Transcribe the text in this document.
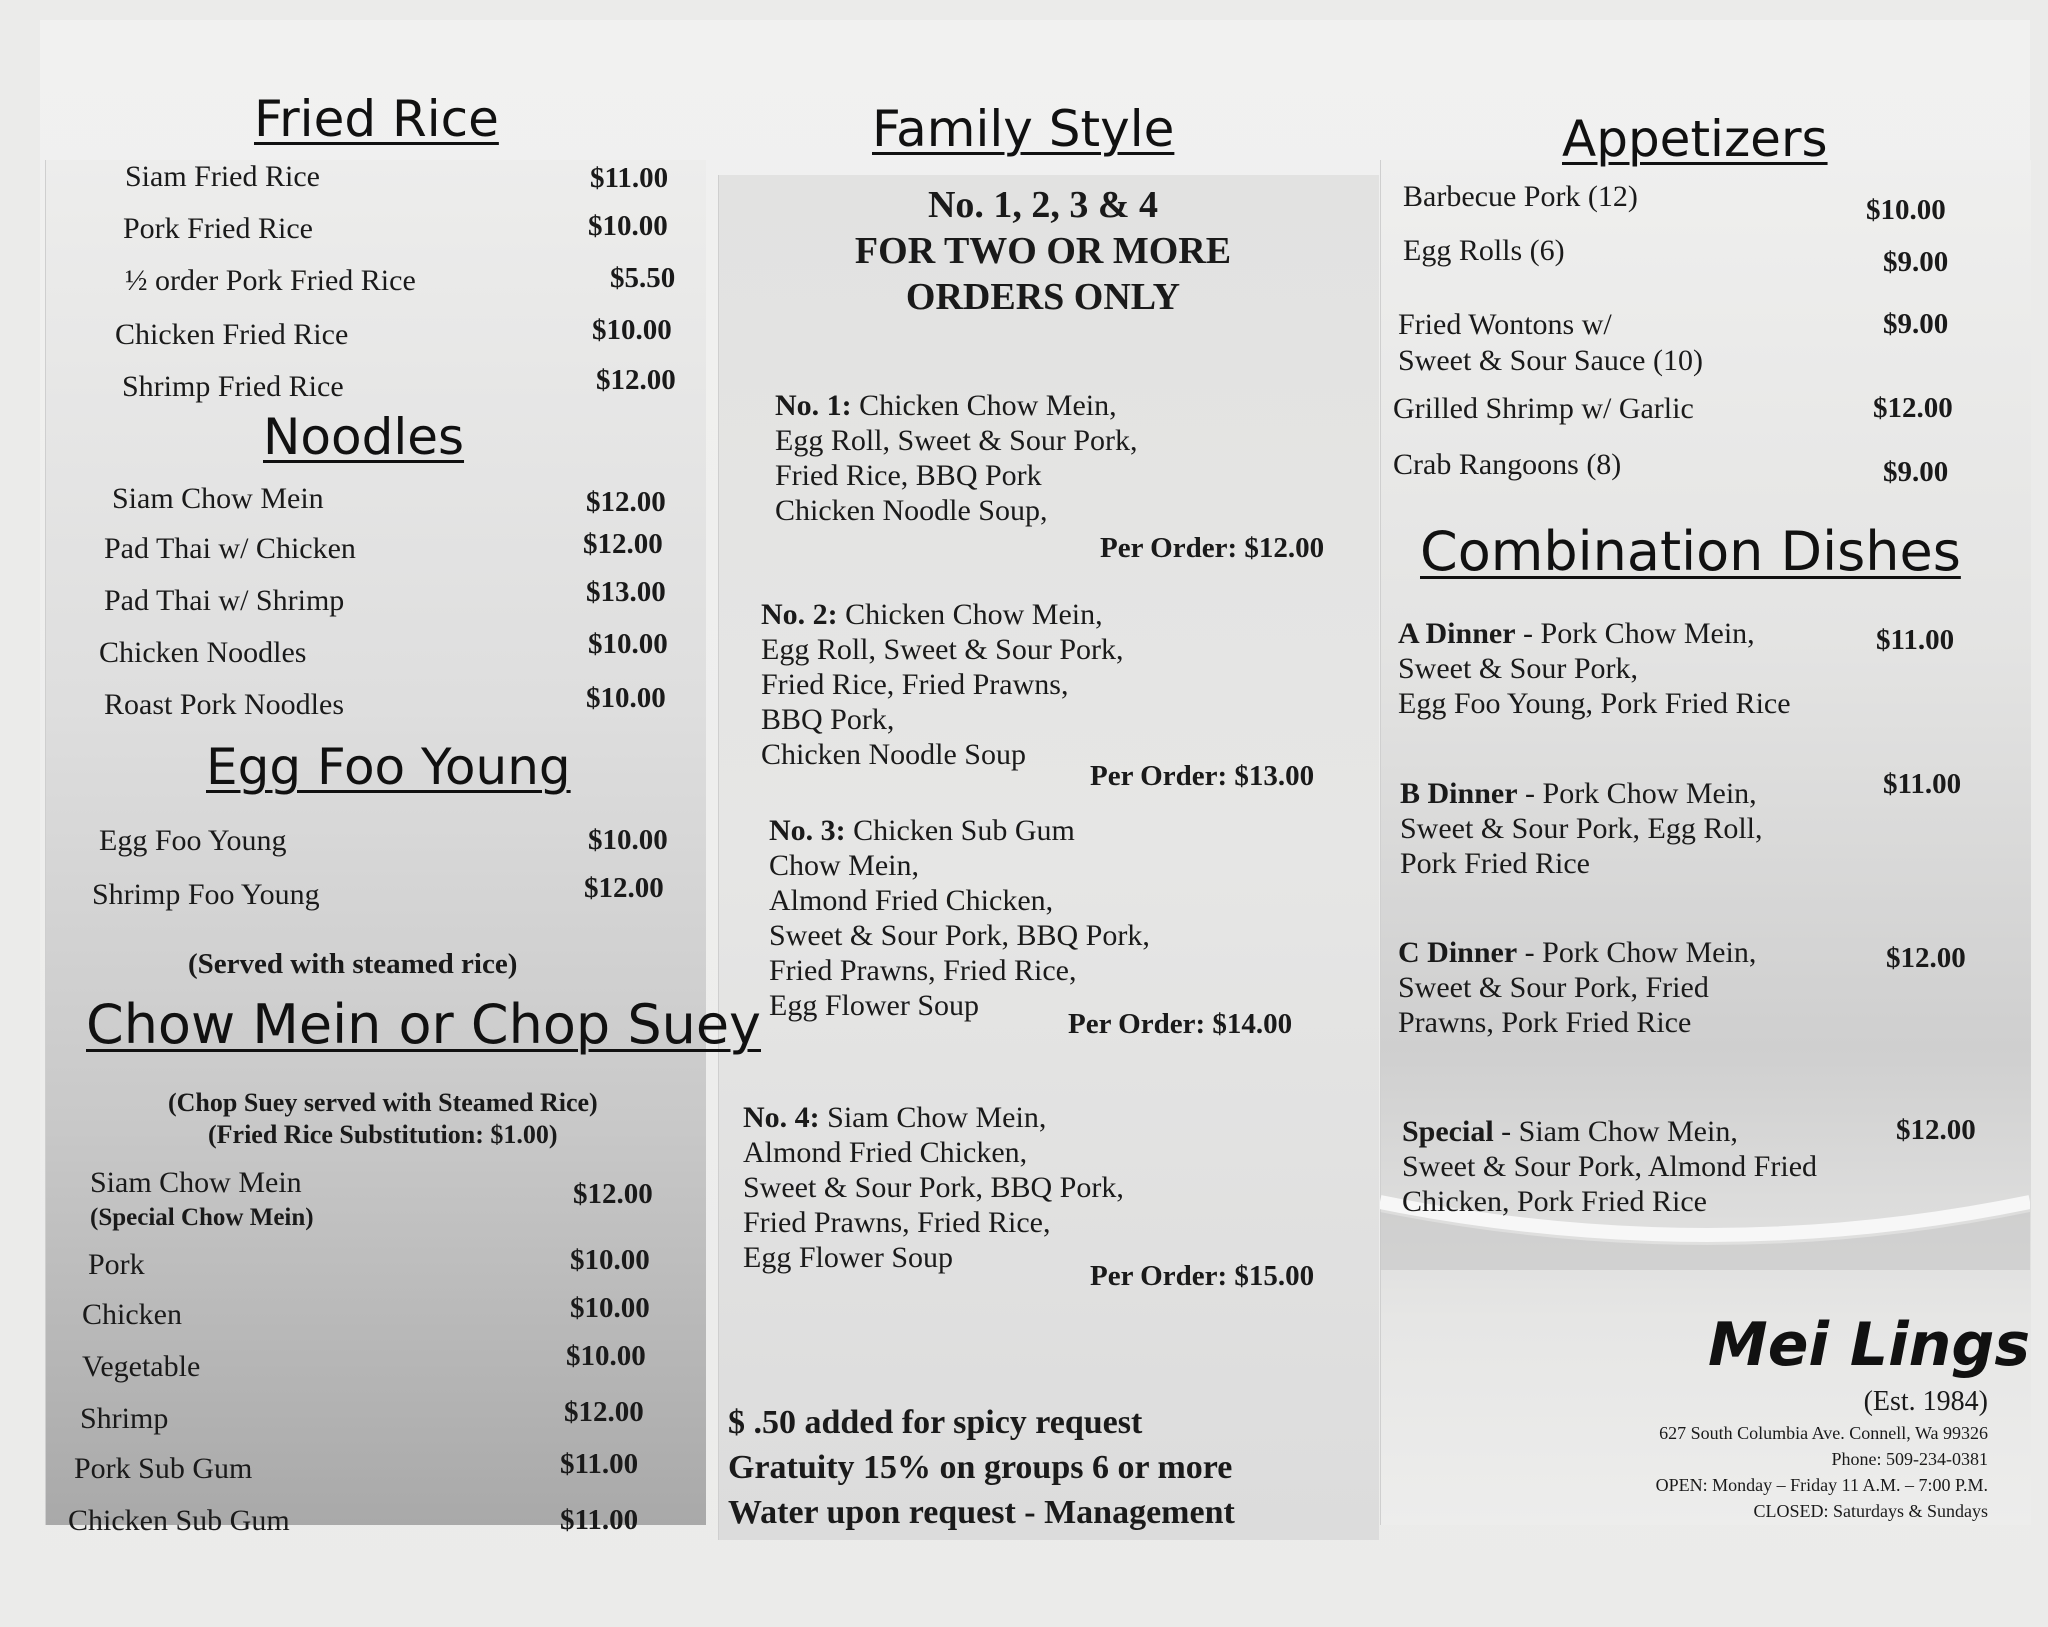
Fried Rice
Siam Fried Rice	$11.00
Pork Fried Rice	$10.00
½ order Pork Fried Rice	$5.50
Chicken Fried Rice	$10.00
Shrimp Fried Rice	$12.00
Noodles
Siam Chow Mein	$12.00
Pad Thai w/ Chicken	$12.00
Pad Thai w/ Shrimp	$13.00
Chicken Noodles	$10.00
Roast Pork Noodles	$10.00
Egg Foo Young
Egg Foo Young	$10.00
Shrimp Foo Young	$12.00
(Served with steamed rice)
Chow Mein or Chop Suey
(Chop Suey served with Steamed Rice)
(Fried Rice Substitution: $1.00)
Siam Chow Mein
(Special Chow Mein)
$12.00
Pork	$10.00
Chicken	$10.00
Vegetable	$10.00
Shrimp	$12.00
Pork Sub Gum	$11.00
Chicken Sub Gum	$11.00
Family Style
No. 1, 2, 3 & 4
FOR TWO OR MORE
ORDERS ONLY
No. 1: Chicken Chow Mein,
Egg Roll, Sweet & Sour Pork,
Fried Rice, BBQ Pork
Chicken Noodle Soup,
Per Order: $12.00
No. 2: Chicken Chow Mein,
Egg Roll, Sweet & Sour Pork,
Fried Rice, Fried Prawns,
BBQ Pork,
Chicken Noodle Soup
Per Order: $13.00
No. 3: Chicken Sub Gum
Chow Mein,
Almond Fried Chicken,
Sweet & Sour Pork, BBQ Pork,
Fried Prawns, Fried Rice,
Egg Flower Soup
Per Order: $14.00
No. 4: Siam Chow Mein,
Almond Fried Chicken,
Sweet & Sour Pork, BBQ Pork,
Fried Prawns, Fried Rice,
Egg Flower Soup
Per Order: $15.00
$ .50 added for spicy request
Gratuity 15% on groups 6 or more
Water upon request - Management
Appetizers
Barbecue Pork (12)	$10.00
Egg Rolls (6)	$9.00
Fried Wontons w/
Sweet & Sour Sauce (10)
$9.00
Grilled Shrimp w/ Garlic	$12.00
Crab Rangoons (8)	$9.00
Combination Dishes
A Dinner - Pork Chow Mein,
Sweet & Sour Pork,
Egg Foo Young, Pork Fried Rice
$11.00
B Dinner - Pork Chow Mein,
Sweet & Sour Pork, Egg Roll,
Pork Fried Rice
$11.00
C Dinner - Pork Chow Mein,
Sweet & Sour Pork, Fried
Prawns, Pork Fried Rice
$12.00
Special - Siam Chow Mein,
Sweet & Sour Pork, Almond Fried
Chicken, Pork Fried Rice
$12.00
Mei Lings
(Est. 1984)
627 South Columbia Ave. Connell, Wa 99326
Phone: 509-234-0381
OPEN: Monday – Friday 11 A.M. – 7:00 P.M.
CLOSED: Saturdays & Sundays
